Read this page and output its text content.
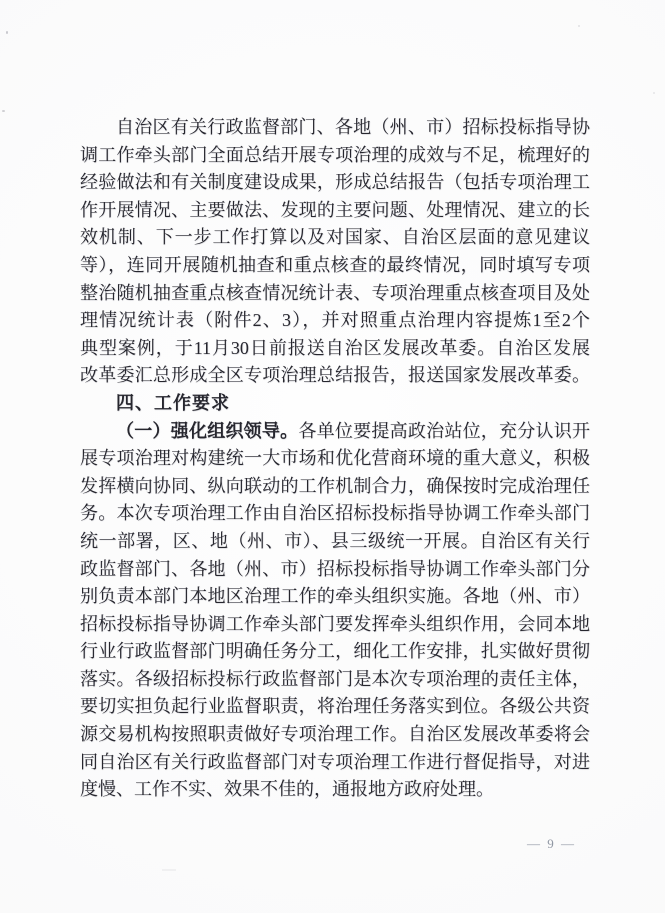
自治区有关行政监督部门、各地（州、市）招标投标指导协
调工作牵头部门全面总结开展专项治理的成效与不足，梳理好的
经验做法和有关制度建设成果，形成总结报告（包括专项治理工
作开展情况、主要做法、发现的主要问题、处理情况、建立的长
效机制、下一步工作打算以及对国家、自治区层面的意见建议
等），连同开展随机抽查和重点核查的最终情况，同时填写专项
整治随机抽查重点核查情况统计表、专项治理重点核查项目及处
理情况统计表（附件2、3），并对照重点治理内容提炼1至2个
典型案例，于11月30日前报送自治区发展改革委。自治区发展
改革委汇总形成全区专项治理总结报告，报送国家发展改革委。
四、工作要求
（一）强化组织领导。各单位要提高政治站位，充分认识开
展专项治理对构建统一大市场和优化营商环境的重大意义，积极
发挥横向协同、纵向联动的工作机制合力，确保按时完成治理任
务。本次专项治理工作由自治区招标投标指导协调工作牵头部门
统一部署，区、地（州、市）、县三级统一开展。自治区有关行
政监督部门、各地（州、市）招标投标指导协调工作牵头部门分
别负责本部门本地区治理工作的牵头组织实施。各地（州、市）
招标投标指导协调工作牵头部门要发挥牵头组织作用，会同本地
行业行政监督部门明确任务分工，细化工作安排，扎实做好贯彻
落实。各级招标投标行政监督部门是本次专项治理的责任主体，
要切实担负起行业监督职责，将治理任务落实到位。各级公共资
源交易机构按照职责做好专项治理工作。自治区发展改革委将会
同自治区有关行政监督部门对专项治理工作进行督促指导，对进
度慢、工作不实、效果不佳的，通报地方政府处理。
— 9 —
